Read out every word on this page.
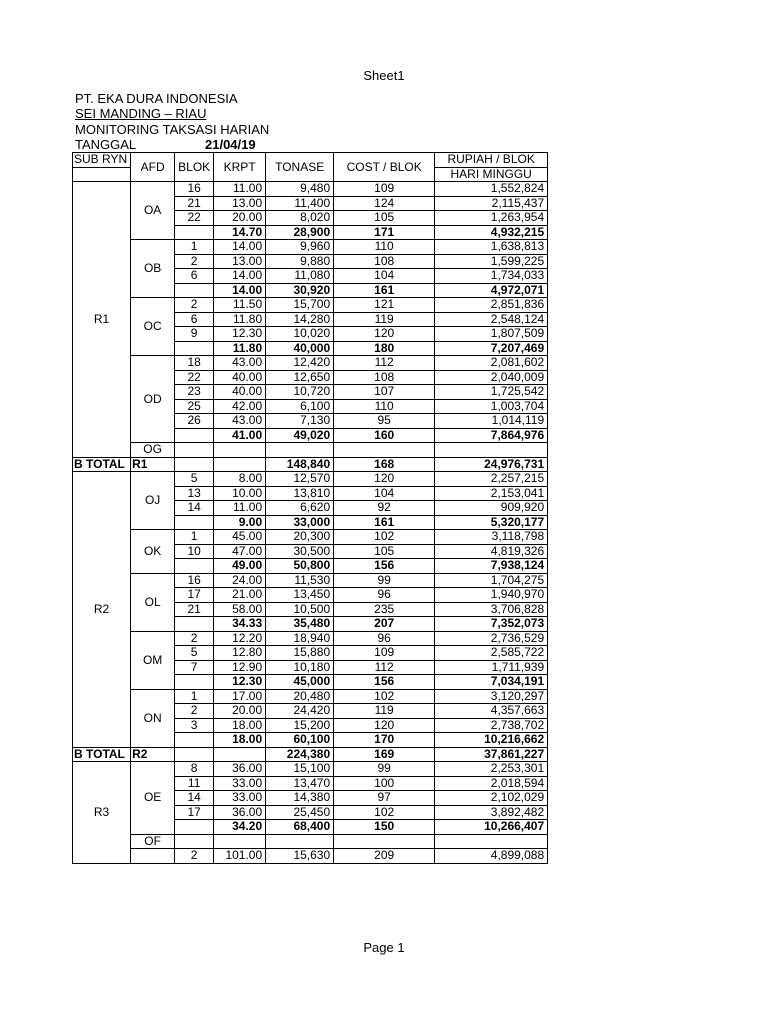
Sheet1
PT. EKA DURA INDONESIA
SEI MANDING – RIAU
MONITORING TAKSASI HARIAN
TANGGAL	21/04/19
SUB RYN	AFD	BLOK	KRPT	TONASE	COST / BLOK	RUPIAH / BLOK
						HARI MINGGU
R1	OA	16	11.00	9,480	109	1,552,824
		21	13.00	11,400	124	2,115,437
		22	20.00	8,020	105	1,263,954
			14.70	28,900	171	4,932,215
	OB	1	14.00	9,960	110	1,638,813
		2	13.00	9,880	108	1,599,225
		6	14.00	11,080	104	1,734,033
			14.00	30,920	161	4,972,071
	OC	2	11.50	15,700	121	2,851,836
		6	11.80	14,280	119	2,548,124
		9	12.30	10,020	120	1,807,509
			11.80	40,000	180	7,207,469
	OD	18	43.00	12,420	112	2,081,602
		22	40.00	12,650	108	2,040,009
		23	40.00	10,720	107	1,725,542
		25	42.00	6,100	110	1,003,704
		26	43.00	7,130	95	1,014,119
			41.00	49,020	160	7,864,976
	OG					
B TOTAL	R1			148,840	168	24,976,731
R2	OJ	5	8.00	12,570	120	2,257,215
		13	10.00	13,810	104	2,153,041
		14	11.00	6,620	92	909,920
			9.00	33,000	161	5,320,177
	OK	1	45.00	20,300	102	3,118,798
		10	47.00	30,500	105	4,819,326
			49.00	50,800	156	7,938,124
	OL	16	24.00	11,530	99	1,704,275
		17	21.00	13,450	96	1,940,970
		21	58.00	10,500	235	3,706,828
			34.33	35,480	207	7,352,073
	OM	2	12.20	18,940	96	2,736,529
		5	12.80	15,880	109	2,585,722
		7	12.90	10,180	112	1,711,939
			12.30	45,000	156	7,034,191
	ON	1	17.00	20,480	102	3,120,297
		2	20.00	24,420	119	4,357,663
		3	18.00	15,200	120	2,738,702
			18.00	60,100	170	10,216,662
B TOTAL	R2			224,380	169	37,861,227
R3	OE	8	36.00	15,100	99	2,253,301
		11	33.00	13,470	100	2,018,594
		14	33.00	14,380	97	2,102,029
		17	36.00	25,450	102	3,892,482
			34.20	68,400	150	10,266,407
	OF					
		2	101.00	15,630	209	4,899,088
Page 1
